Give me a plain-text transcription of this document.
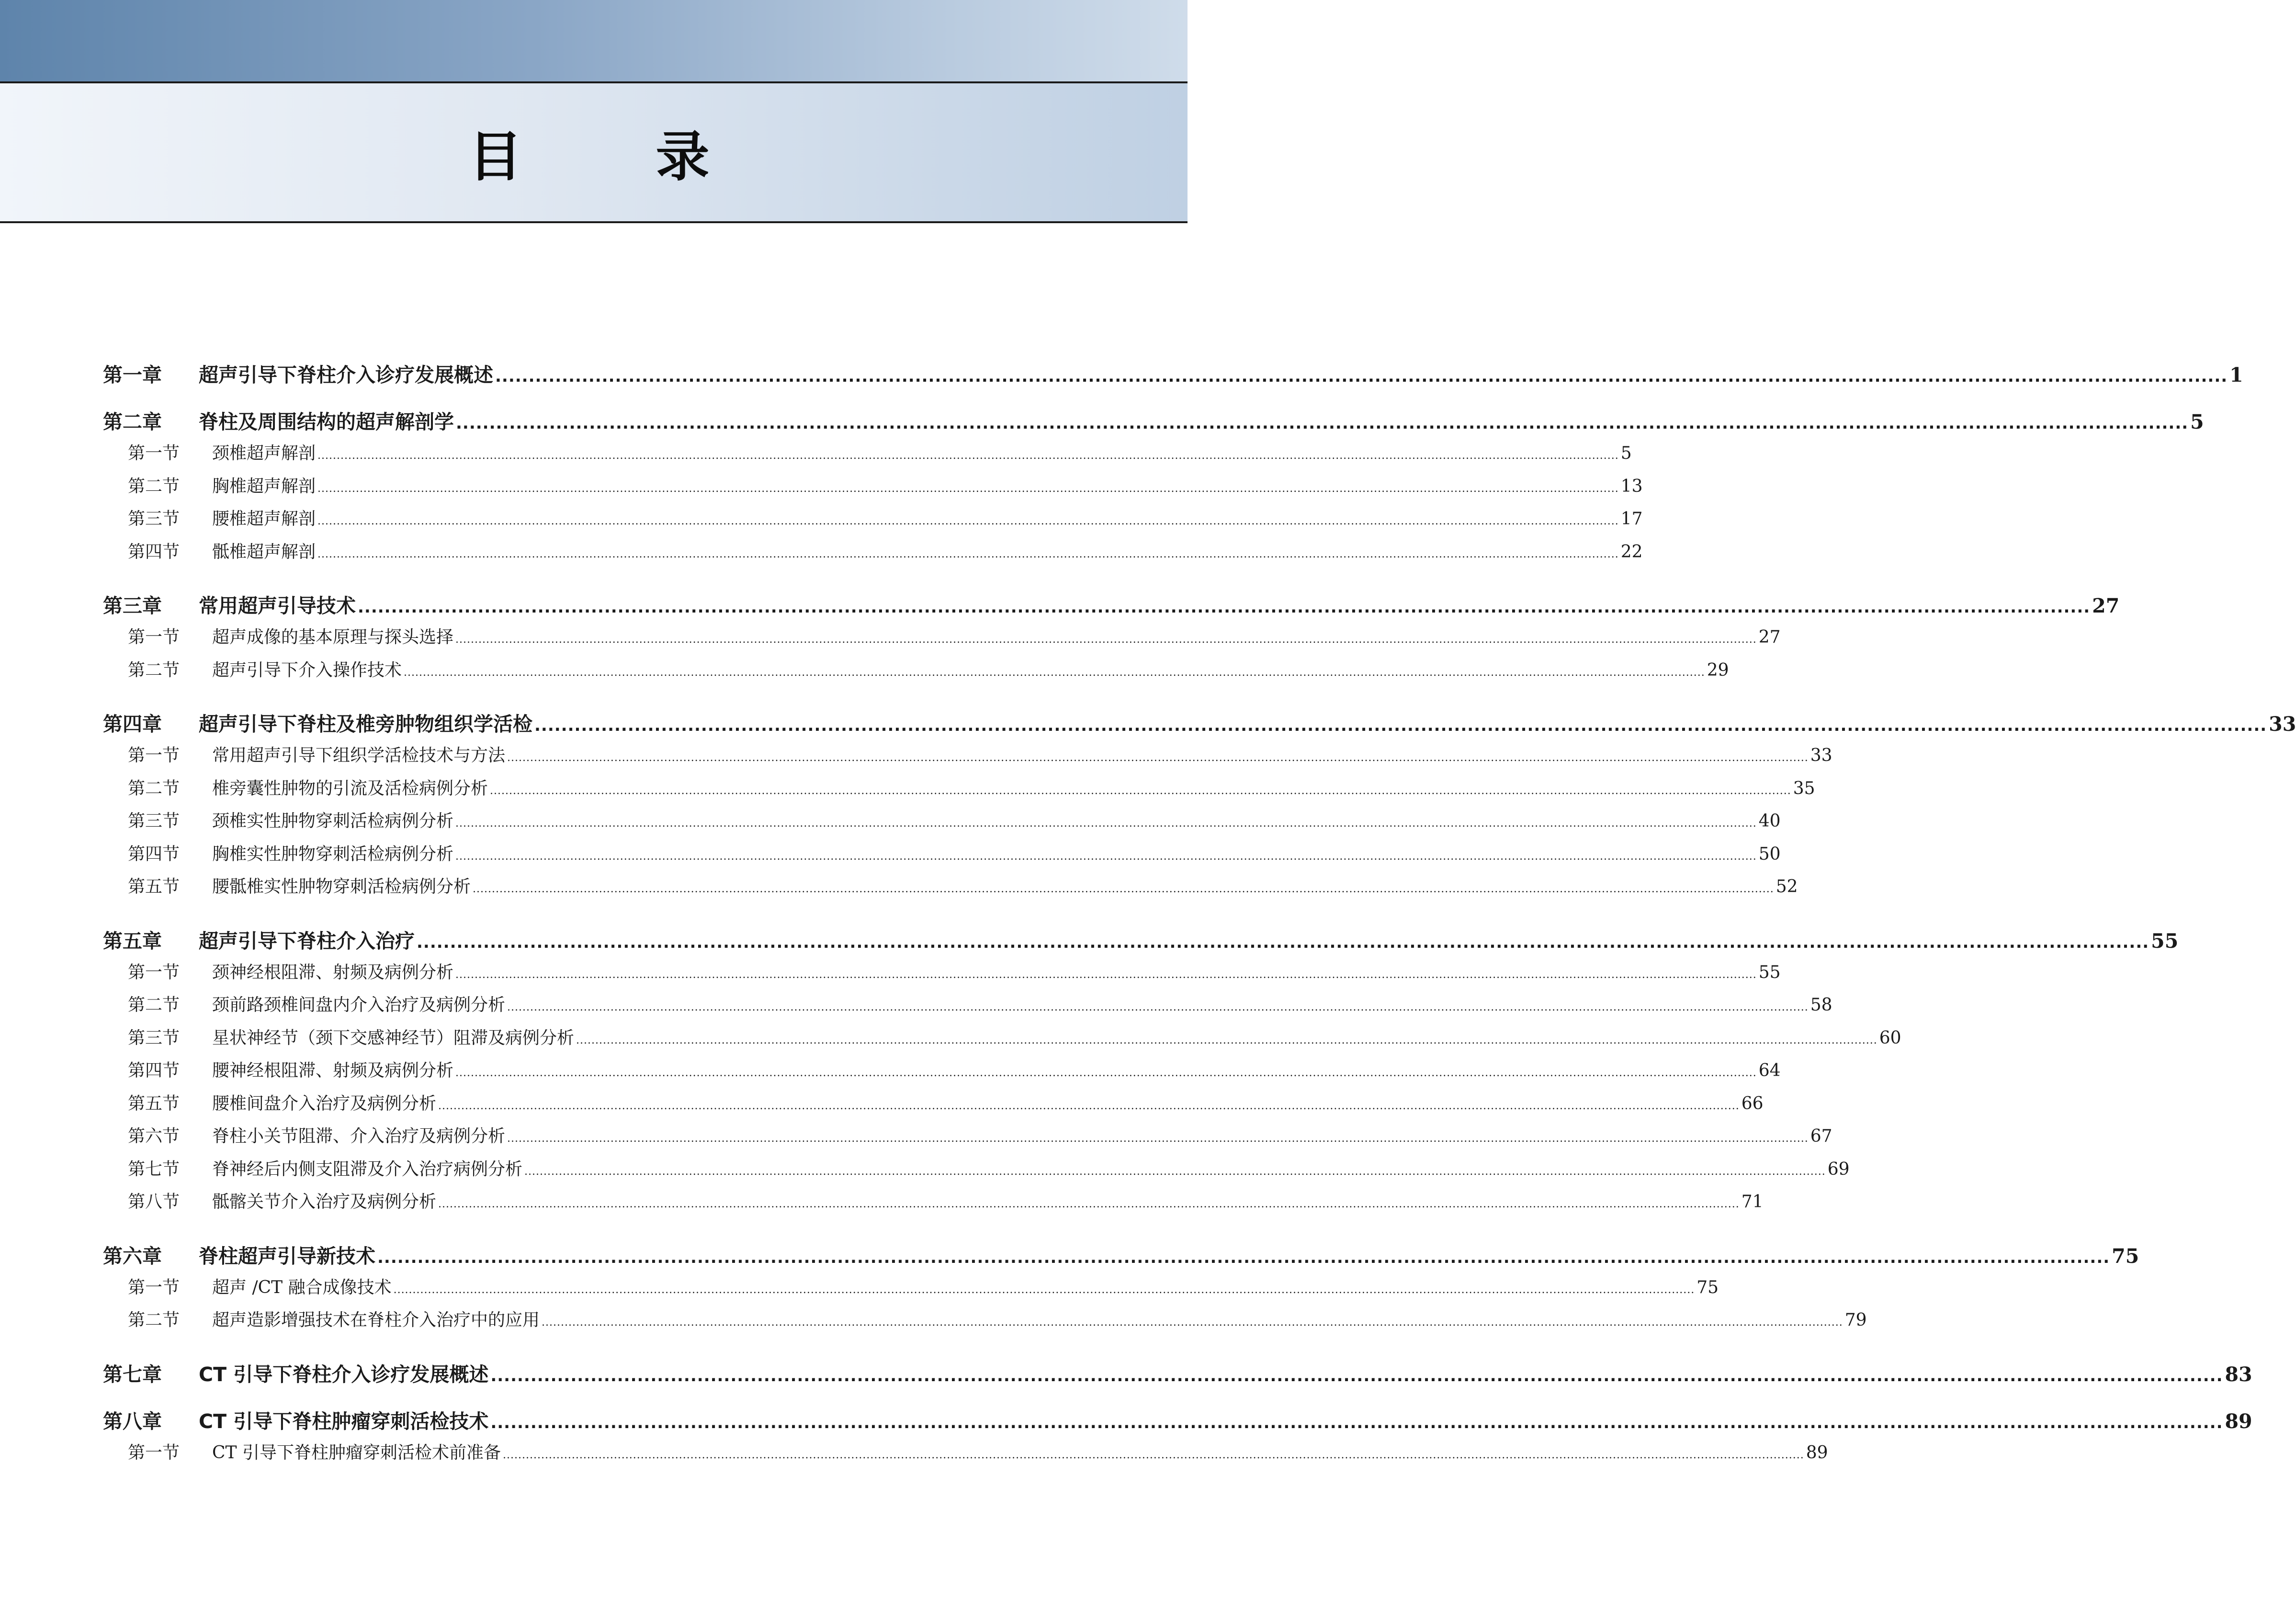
目 录
第一章	超声引导下脊柱介入诊疗发展概述 .................................................................................................................................................................................................................................................................... 1
第二章	脊柱及周围结构的超声解剖学 .................................................................................................................................................................................................................................................................... 5
第一节	颈椎超声解剖 .................................................................................................................................................................................................................................................................................................................................................... 5
第二节	胸椎超声解剖 .................................................................................................................................................................................................................................................................................................................................................... 13
第三节	腰椎超声解剖 .................................................................................................................................................................................................................................................................................................................................................... 17
第四节	骶椎超声解剖 .................................................................................................................................................................................................................................................................................................................................................... 22
第三章	常用超声引导技术 .................................................................................................................................................................................................................................................................... 27
第一节	超声成像的基本原理与探头选择 .................................................................................................................................................................................................................................................................................................................................................... 27
第二节	超声引导下介入操作技术 .................................................................................................................................................................................................................................................................................................................................................... 29
第四章	超声引导下脊柱及椎旁肿物组织学活检 .................................................................................................................................................................................................................................................................... 33
第一节	常用超声引导下组织学活检技术与方法 .................................................................................................................................................................................................................................................................................................................................................... 33
第二节	椎旁囊性肿物的引流及活检病例分析 .................................................................................................................................................................................................................................................................................................................................................... 35
第三节	颈椎实性肿物穿刺活检病例分析 .................................................................................................................................................................................................................................................................................................................................................... 40
第四节	胸椎实性肿物穿刺活检病例分析 .................................................................................................................................................................................................................................................................................................................................................... 50
第五节	腰骶椎实性肿物穿刺活检病例分析 .................................................................................................................................................................................................................................................................................................................................................... 52
第五章	超声引导下脊柱介入治疗 .................................................................................................................................................................................................................................................................... 55
第一节	颈神经根阻滞、射频及病例分析 .................................................................................................................................................................................................................................................................................................................................................... 55
第二节	颈前路颈椎间盘内介入治疗及病例分析 .................................................................................................................................................................................................................................................................................................................................................... 58
第三节	星状神经节（颈下交感神经节）阻滞及病例分析 .................................................................................................................................................................................................................................................................................................................................................... 60
第四节	腰神经根阻滞、射频及病例分析 .................................................................................................................................................................................................................................................................................................................................................... 64
第五节	腰椎间盘介入治疗及病例分析 .................................................................................................................................................................................................................................................................................................................................................... 66
第六节	脊柱小关节阻滞、介入治疗及病例分析 .................................................................................................................................................................................................................................................................................................................................................... 67
第七节	脊神经后内侧支阻滞及介入治疗病例分析 .................................................................................................................................................................................................................................................................................................................................................... 69
第八节	骶髂关节介入治疗及病例分析 .................................................................................................................................................................................................................................................................................................................................................... 71
第六章	脊柱超声引导新技术 .................................................................................................................................................................................................................................................................... 75
第一节	超声 /CT 融合成像技术 .................................................................................................................................................................................................................................................................................................................................................... 75
第二节	超声造影增强技术在脊柱介入治疗中的应用 .................................................................................................................................................................................................................................................................................................................................................... 79
第七章	CT 引导下脊柱介入诊疗发展概述 .................................................................................................................................................................................................................................................................... 83
第八章	CT 引导下脊柱肿瘤穿刺活检技术 .................................................................................................................................................................................................................................................................... 89
第一节	CT 引导下脊柱肿瘤穿刺活检术前准备 .................................................................................................................................................................................................................................................................................................................................................... 89
